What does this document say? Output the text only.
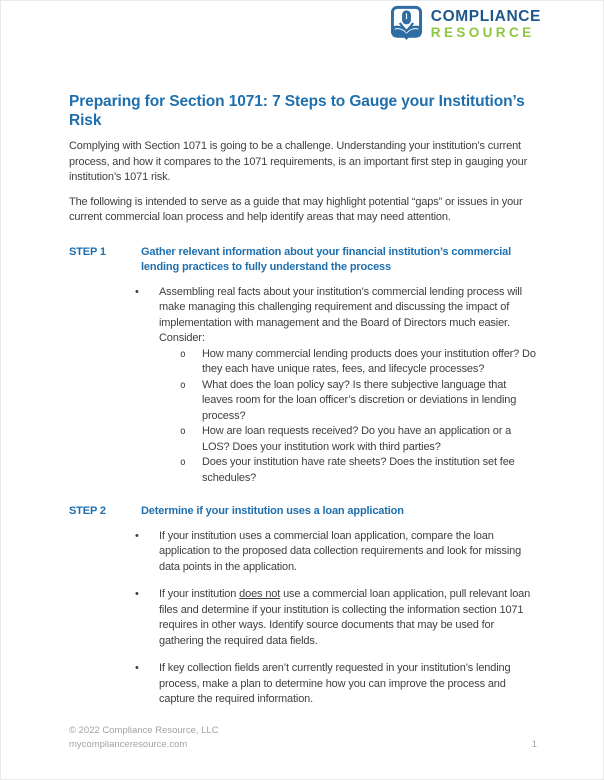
COMPLIANCE
RESOURCE
Preparing for Section 1071: 7 Steps to Gauge your Institution’s Risk

Complying with Section 1071 is going to be a challenge. Understanding your institution’s current process, and how it compares to the 1071 requirements, is an important first step in gauging your institution’s 1071 risk.

The following is intended to serve as a guide that may highlight potential “gaps” or issues in your current commercial loan process and help identify areas that may need attention.

STEP 1	Gather relevant information about your financial institution’s commercial lending practices to fully understand the process
•	Assembling real facts about your institution’s commercial lending process will make managing this challenging requirement and discussing the impact of implementation with management and the Board of Directors much easier. Consider:
o	How many commercial lending products does your institution offer? Do they each have unique rates, fees, and lifecycle processes?
o	What does the loan policy say? Is there subjective language that leaves room for the loan officer’s discretion or deviations in lending process?
o	How are loan requests received? Do you have an application or a LOS? Does your institution work with third parties?
o	Does your institution have rate sheets? Does the institution set fee schedules?
STEP 2	Determine if your institution uses a loan application
•	If your institution uses a commercial loan application, compare the loan application to the proposed data collection requirements and look for missing data points in the application.
•	If your institution does not use a commercial loan application, pull relevant loan files and determine if your institution is collecting the information section 1071 requires in other ways. Identify source documents that may be used for gathering the required data fields.
•	If key collection fields aren’t currently requested in your institution’s lending process, make a plan to determine how you can improve the process and capture the required information.
© 2022 Compliance Resource, LLC
mycomplianceresource.com	1
